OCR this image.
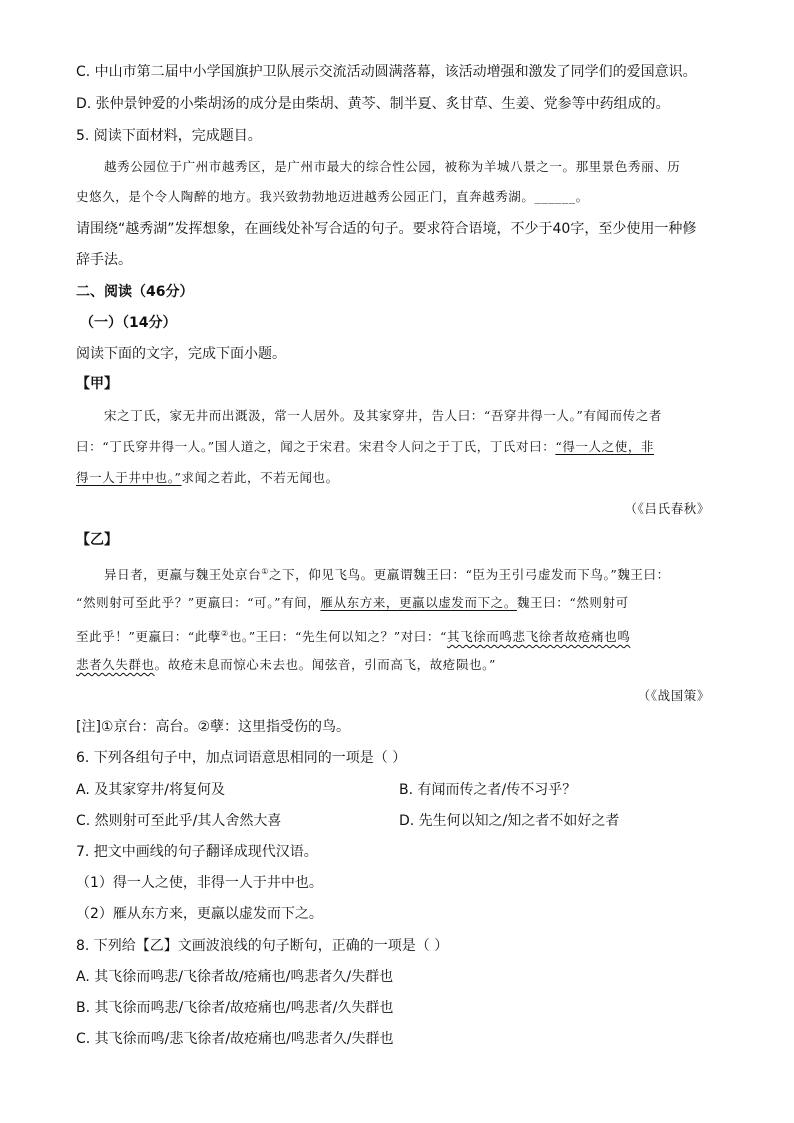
C. 中山市第二届中小学国旗护卫队展示交流活动圆满落幕，该活动增强和激发了同学们的爱国意识。
D. 张仲景钟爱的小柴胡汤的成分是由柴胡、黄芩、制半夏、炙甘草、生姜、党参等中药组成的。
5. 阅读下面材料，完成题目。
越秀公园位于广州市越秀区，是广州市最大的综合性公园，被称为羊城八景之一。那里景色秀丽、历
史悠久，是个令人陶醉的地方。我兴致勃勃地迈进越秀公园正门，直奔越秀湖。______。
请围绕“越秀湖”发挥想象，在画线处补写合适的句子。要求符合语境，不少于40字，至少使用一种修
辞手法。
二、阅读（46分）
（一）（14分）
阅读下面的文字，完成下面小题。
【甲】
宋之丁氏，家无井而出溉汲，常一人居外。及其家穿井，告人曰：“吾穿井得一人。”有闻而传之者
曰：“丁氏穿井得一人。”国人道之，闻之于宋君。宋君令人问之于丁氏，丁氏对曰：“得一人之使，非
得一人于井中也。”求闻之若此，不若无闻也。
（《吕氏春秋》
【乙】
异日者，更羸与魏王处京台①之下，仰见飞鸟。更羸谓魏王曰：“臣为王引弓虚发而下鸟。”魏王曰：
“然则射可至此乎？”更羸曰：“可。”有间，雁从东方来，更羸以虚发而下之。魏王曰：“然则射可
至此乎！”更羸曰：“此孽②也。”王曰：“先生何以知之？”对曰：“其飞徐而鸣悲飞徐者故疮痛也鸣
悲者久失群也。故疮未息而惊心未去也。闻弦音，引而高飞，故疮陨也。”
（《战国策》
[注]①京台：高台。②孽：这里指受伤的鸟。
6. 下列各组句子中，加点词语意思相同的一项是（ ）
A. 及其家穿井/将复何及	B. 有闻而传之者/传不习乎？
C. 然则射可至此乎/其人舍然大喜	D. 先生何以知之/知之者不如好之者
7. 把文中画线的句子翻译成现代汉语。
（1）得一人之使，非得一人于井中也。
（2）雁从东方来，更羸以虚发而下之。
8. 下列给【乙】文画波浪线的句子断句，正确的一项是（ ）
A. 其飞徐而鸣悲/飞徐者故/疮痛也/鸣悲者久/失群也
B. 其飞徐而鸣悲/飞徐者/故疮痛也/鸣悲者/久失群也
C. 其飞徐而鸣/悲飞徐者/故疮痛也/鸣悲者久/失群也
